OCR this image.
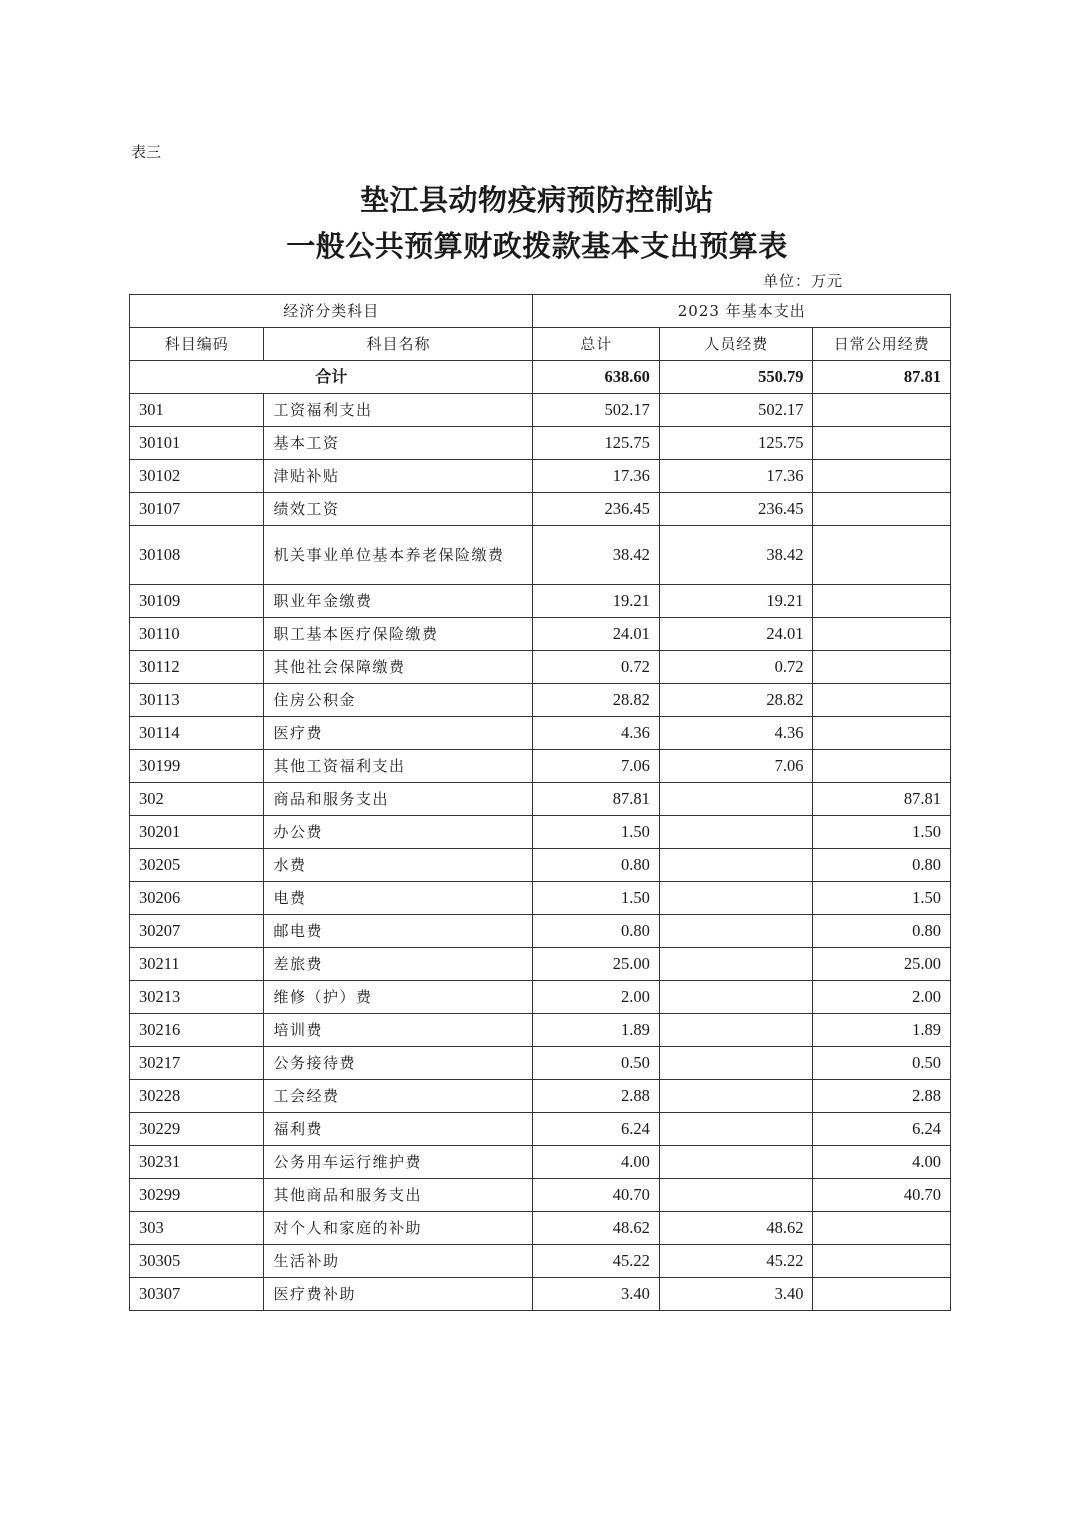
表三
垫江县动物疫病预防控制站
一般公共预算财政拨款基本支出预算表
单位：万元
经济分类科目		2023 年基本支出		
科目编码	科目名称	总计	人员经费	日常公用经费
合计		638.60	550.79	87.81
301	工资福利支出	502.17	502.17	
30101	基本工资	125.75	125.75	
30102	津贴补贴	17.36	17.36	
30107	绩效工资	236.45	236.45	
30108	机关事业单位基本养老保险缴费	38.42	38.42	
30109	职业年金缴费	19.21	19.21	
30110	职工基本医疗保险缴费	24.01	24.01	
30112	其他社会保障缴费	0.72	0.72	
30113	住房公积金	28.82	28.82	
30114	医疗费	4.36	4.36	
30199	其他工资福利支出	7.06	7.06	
302	商品和服务支出	87.81		87.81
30201	办公费	1.50		1.50
30205	水费	0.80		0.80
30206	电费	1.50		1.50
30207	邮电费	0.80		0.80
30211	差旅费	25.00		25.00
30213	维修（护）费	2.00		2.00
30216	培训费	1.89		1.89
30217	公务接待费	0.50		0.50
30228	工会经费	2.88		2.88
30229	福利费	6.24		6.24
30231	公务用车运行维护费	4.00		4.00
30299	其他商品和服务支出	40.70		40.70
303	对个人和家庭的补助	48.62	48.62	
30305	生活补助	45.22	45.22	
30307	医疗费补助	3.40	3.40	
